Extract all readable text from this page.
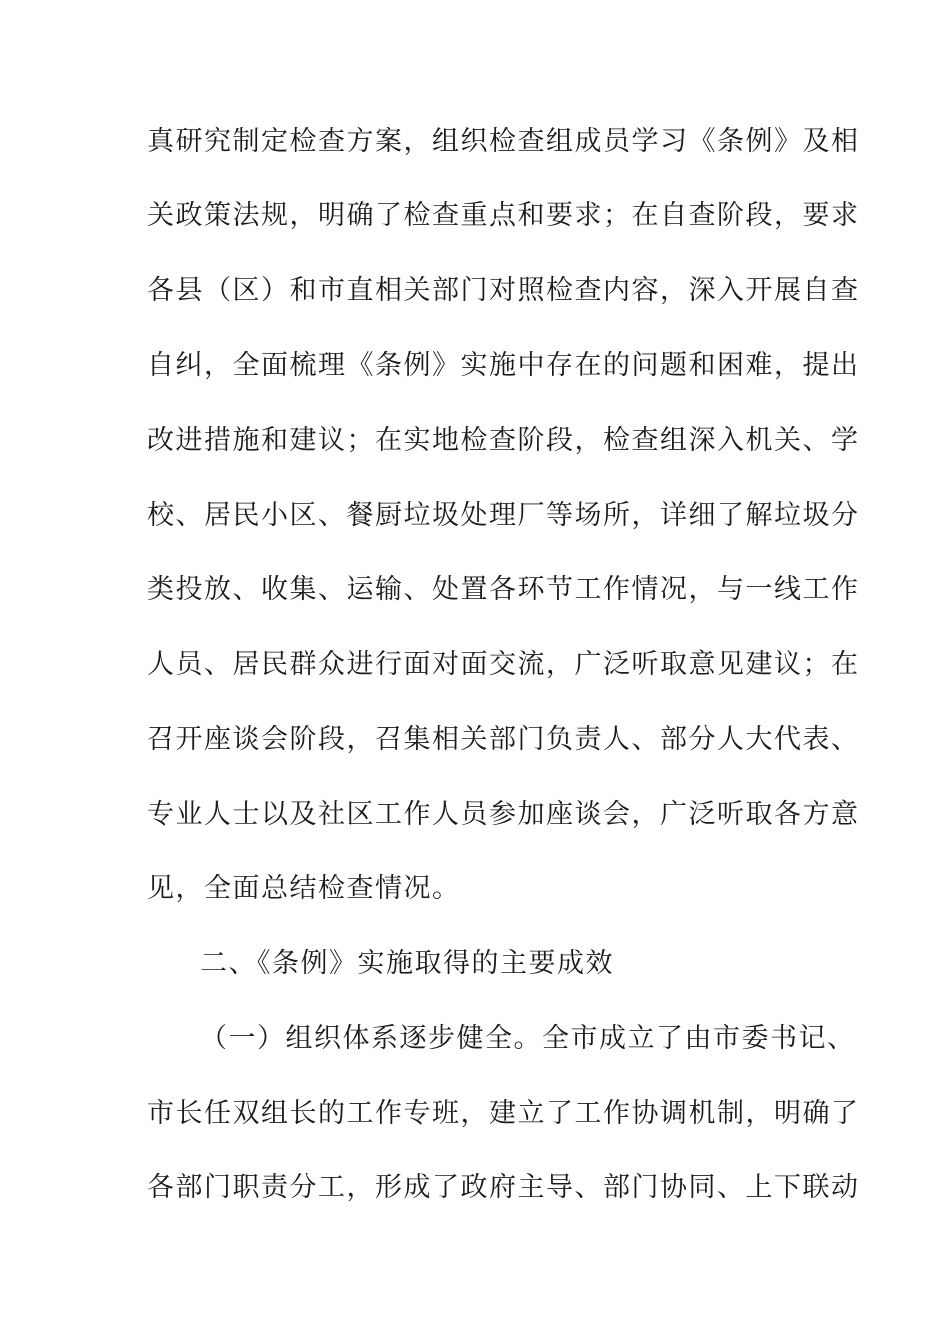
真研究制定检查方案，组织检查组成员学习《条例》及相
关政策法规，明确了检查重点和要求；在自查阶段，要求
各县（区）和市直相关部门对照检查内容，深入开展自查
自纠，全面梳理《条例》实施中存在的问题和困难，提出
改进措施和建议；在实地检查阶段，检查组深入机关、学
校、居民小区、餐厨垃圾处理厂等场所，详细了解垃圾分
类投放、收集、运输、处置各环节工作情况，与一线工作
人员、居民群众进行面对面交流，广泛听取意见建议；在
召开座谈会阶段，召集相关部门负责人、部分人大代表、
专业人士以及社区工作人员参加座谈会，广泛听取各方意
见，全面总结检查情况。
二、《条例》实施取得的主要成效
（一）组织体系逐步健全。全市成立了由市委书记、
市长任双组长的工作专班，建立了工作协调机制，明确了
各部门职责分工，形成了政府主导、部门协同、上下联动
